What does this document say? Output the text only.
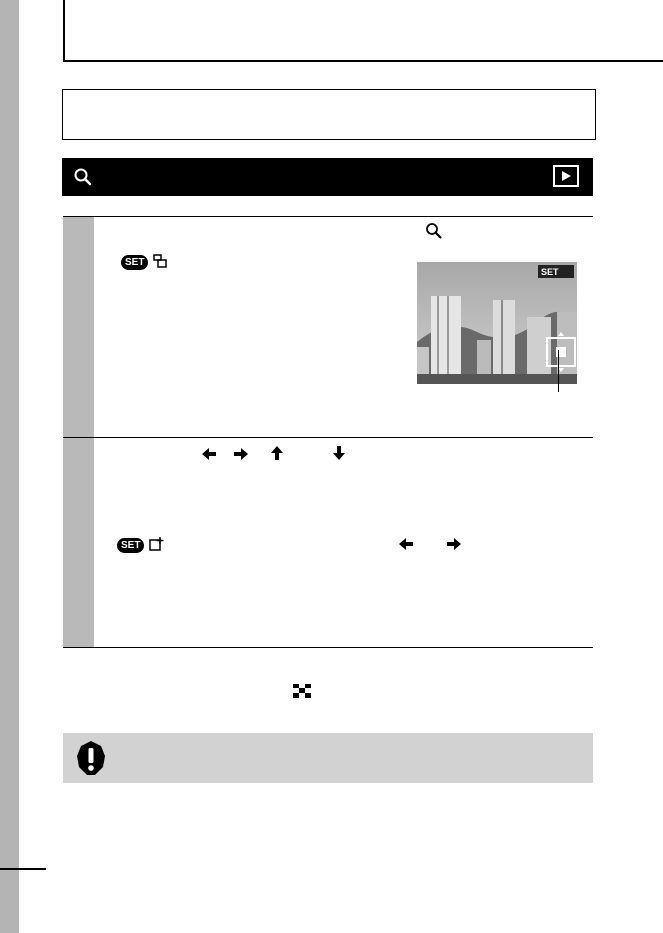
SET
SET
SET
